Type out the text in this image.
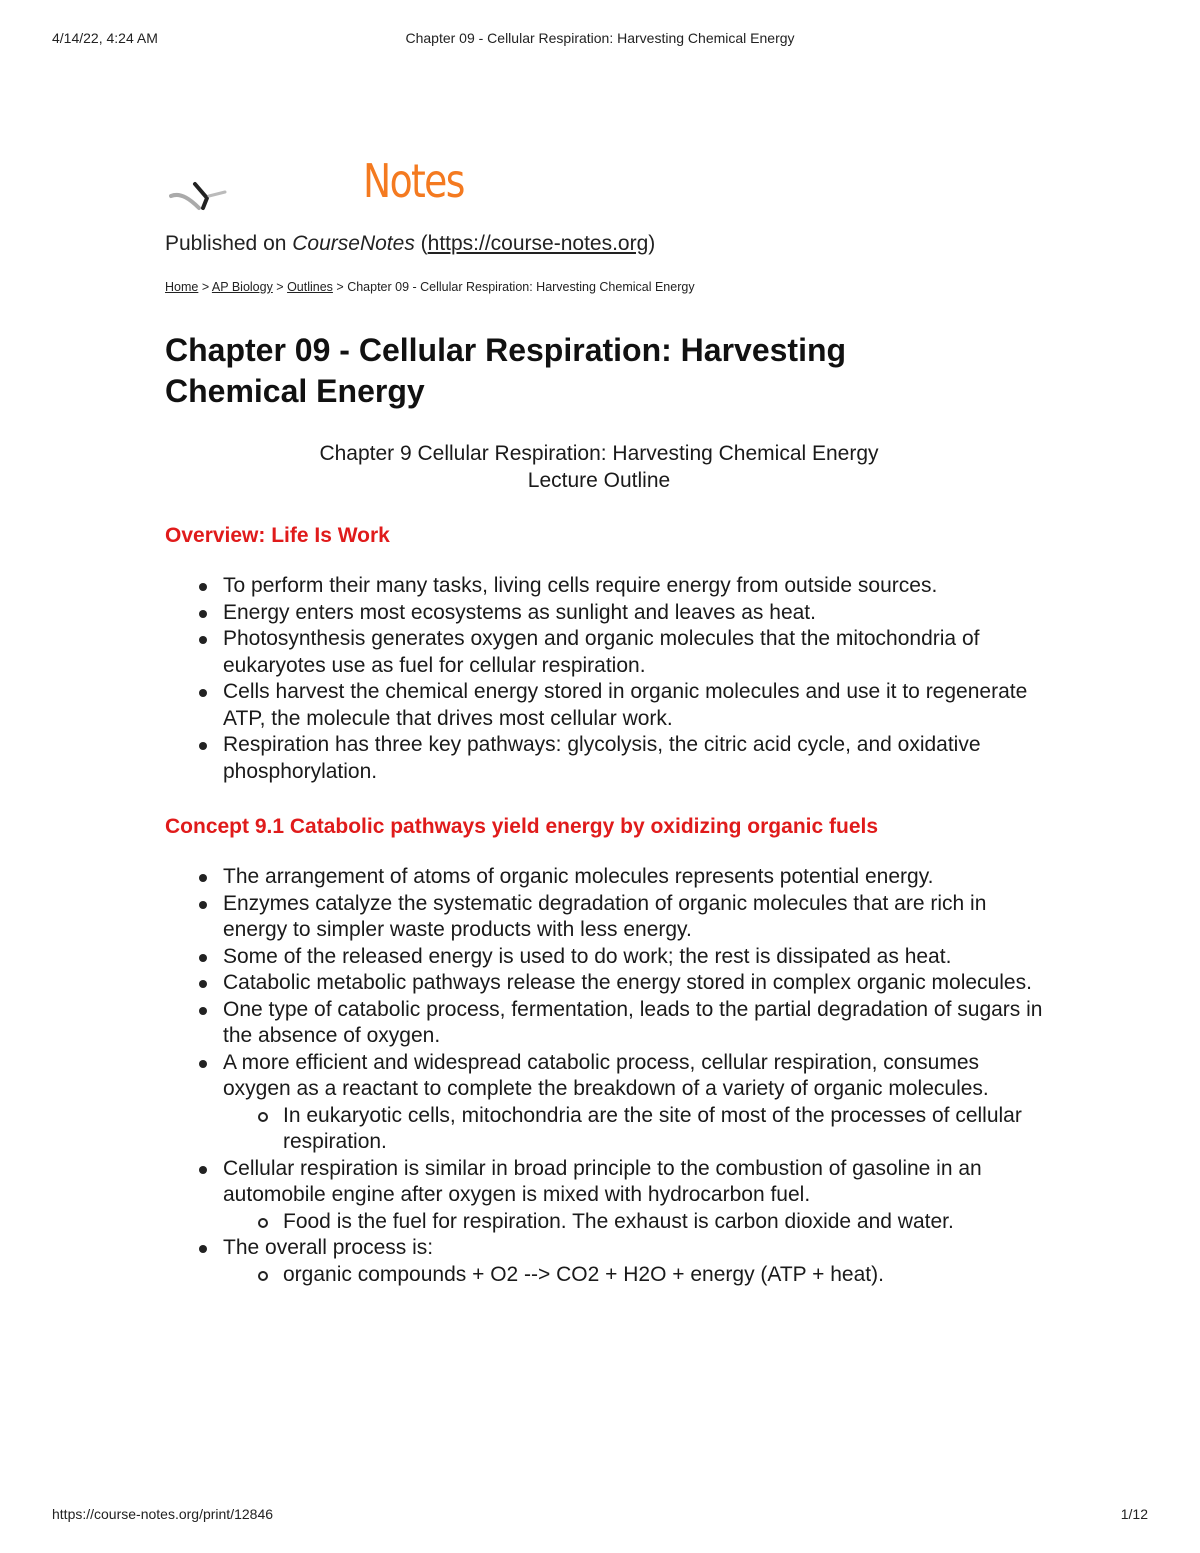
4/14/22, 4:24 AM	Chapter 09 - Cellular Respiration: Harvesting Chemical Energy
Notes
Published on CourseNotes (https://course-notes.org)
Home > AP Biology > Outlines > Chapter 09 - Cellular Respiration: Harvesting Chemical Energy
Chapter 09 - Cellular Respiration: Harvesting Chemical Energy
Chapter 9 Cellular Respiration: Harvesting Chemical Energy
Lecture Outline
Overview: Life Is Work
To perform their many tasks, living cells require energy from outside sources.
Energy enters most ecosystems as sunlight and leaves as heat.
Photosynthesis generates oxygen and organic molecules that the mitochondria of eukaryotes use as fuel for cellular respiration.
Cells harvest the chemical energy stored in organic molecules and use it to regenerate ATP, the molecule that drives most cellular work.
Respiration has three key pathways: glycolysis, the citric acid cycle, and oxidative phosphorylation.
Concept 9.1 Catabolic pathways yield energy by oxidizing organic fuels
The arrangement of atoms of organic molecules represents potential energy.
Enzymes catalyze the systematic degradation of organic molecules that are rich in energy to simpler waste products with less energy.
Some of the released energy is used to do work; the rest is dissipated as heat.
Catabolic metabolic pathways release the energy stored in complex organic molecules.
One type of catabolic process, fermentation, leads to the partial degradation of sugars in the absence of oxygen.
A more efficient and widespread catabolic process, cellular respiration, consumes oxygen as a reactant to complete the breakdown of a variety of organic molecules.
In eukaryotic cells, mitochondria are the site of most of the processes of cellular respiration.
Cellular respiration is similar in broad principle to the combustion of gasoline in an automobile engine after oxygen is mixed with hydrocarbon fuel.
Food is the fuel for respiration. The exhaust is carbon dioxide and water.
The overall process is:
organic compounds + O2 --> CO2 + H2O + energy (ATP + heat).
https://course-notes.org/print/12846	1/12
